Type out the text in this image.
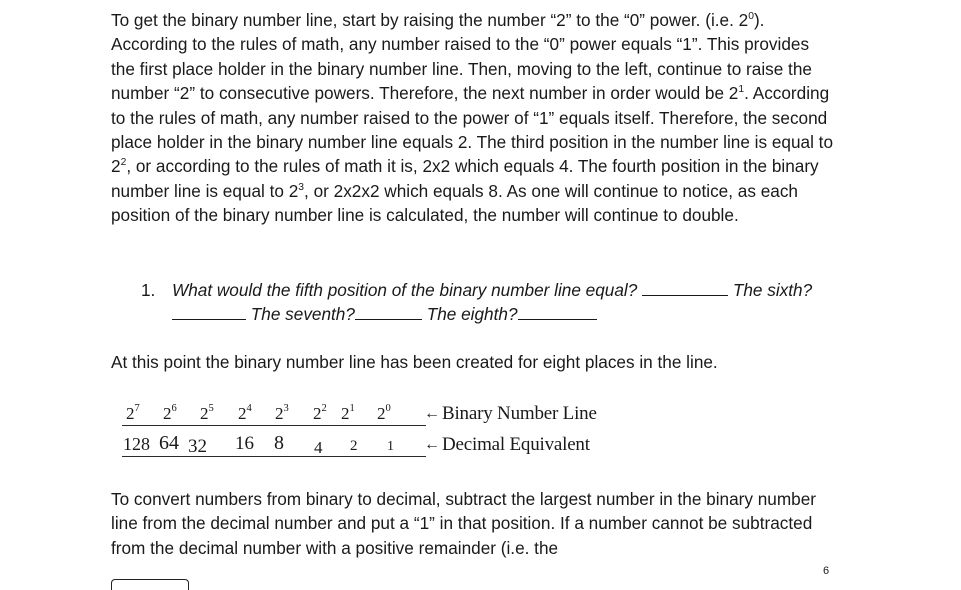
To get the binary number line, start by raising the number “2” to the “0” power. (i.e. $2^0$). According to the rules of math, any number raised to the “0” power equals “1”. This provides the first place holder in the binary number line. Then, moving to the left, continue to raise the number “2” to consecutive powers. Therefore, the next number in order would be $2^1$. According to the rules of math, any number raised to the power of “1” equals itself. Therefore, the second place holder in the binary number line equals 2. The third position in the number line is equal to $2^2$, or according to the rules of math it is, 2x2 which equals 4. The fourth position in the binary number line is equal to $2^3$, or 2x2x2 which equals 8. As one will continue to notice, as each position of the binary number line is calculated, the number will continue to double.

1. What would the fifth position of the binary number line equal?	The sixth? The seventh?	The eighth?

At this point the binary number line has been created for eight places in the line.

$2^7$ $2^6$ $2^5$ $2^4$ $2^3$ $2^2$ $2^1$ $2^0$ ← Binary Number Line
128 64 32 16 8 4 2 1 ← Decimal Equivalent

To convert numbers from binary to decimal, subtract the largest number in the binary number line from the decimal number and put a “1” in that position. If a number cannot be subtracted from the decimal number with a positive remainder (i.e. the

6
